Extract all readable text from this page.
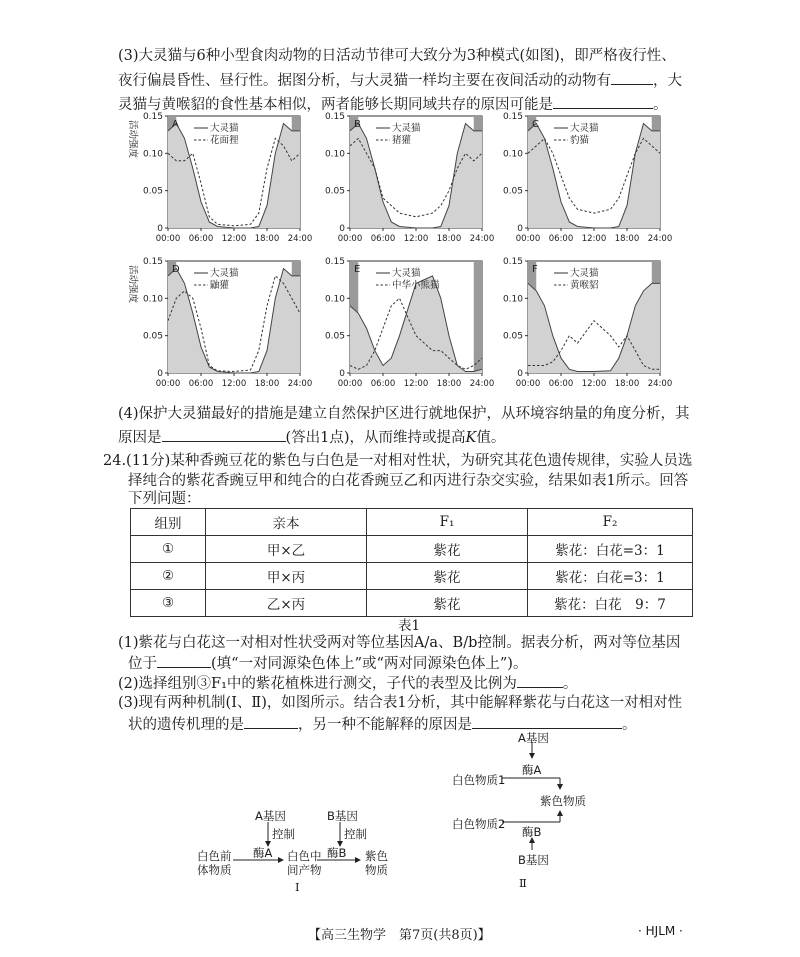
(3)大灵猫与6种小型食肉动物的日活动节律可大致分为3种模式(如图)，即严格夜行性、
夜行偏晨昏性、昼行性。据图分析，与大灵猫一样均主要在夜间活动的动物有	，大
灵猫与黄喉貂的食性基本相似，两者能够长期同域共存的原因可能是	。
0
0.05
0.10
0.15
00:00 06:00 12:00 18:00 24:00
A	大灵猫
花面狸
活动强度
0
0.05
0.10
0.15
00:00 06:00 12:00 18:00 24:00
B	大灵猫
猪獾
0
0.05
0.10
0.15
00:00 06:00 12:00 18:00 24:00
C	大灵猫
豹猫
0
0.05
0.10
0.15
00:00 06:00 12:00 18:00 24:00
D	大灵猫
鼬獾
活动强度
0
0.05
0.10
0.15
00:00 06:00 12:00 18:00 24:00
E	大灵猫
中华小熊猫
0
0.05
0.10
0.15
00:00 06:00 12:00 18:00 24:00
F	大灵猫
黄喉貂
(4)保护大灵猫最好的措施是建立自然保护区进行就地保护，从环境容纳量的角度分析，其
原因是	(答出1点)，从而维持或提高K值。
24.(11分)某种香豌豆花的紫色与白色是一对相对性状，为研究其花色遗传规律，实验人员选
择纯合的紫花香豌豆甲和纯合的白花香豌豆乙和丙进行杂交实验，结果如表1所示。回答
下列问题：
组别	亲本	F₁	F₂
①	甲×乙	紫花	紫花：白花=3：1
②	甲×丙	紫花	紫花：白花=3：1
③	乙×丙	紫花	紫花：白花　9：7
表1
(1)紫花与白花这一对相对性状受两对等位基因A/a、B/b控制。据表分析，两对等位基因
位于	(填“一对同源染色体上”或“两对同源染色体上”)。
(2)选择组别③F₁中的紫花植株进行测交，子代的表型及比例为	。
(3)现有两种机制(Ⅰ、Ⅱ)，如图所示。结合表1分析，其中能解释紫花与白花这一对相对性
状的遗传机理的是	，另一种不能解释的原因是	。
A基因	B基因
控制	控制
白色前
体物质
酶A 白色中
间产物
酶B 紫色
物质
Ⅰ
A基因
酶A
白色物质1
紫色物质
白色物质2
酶B
B基因
Ⅱ
【高三生物学　第7页(共8页)】	· HJLM ·
